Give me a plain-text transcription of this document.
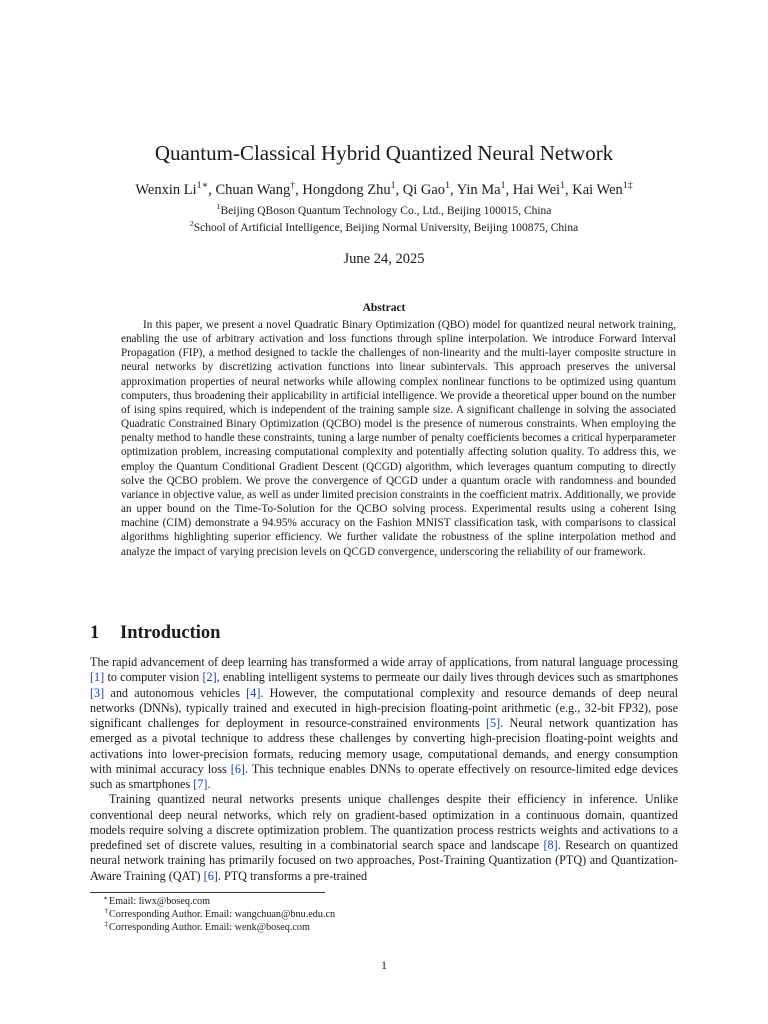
Quantum-Classical Hybrid Quantized Neural Network
Wenxin $Li^{1∗}$, Chuan Wang†, Hongdong Zhu$^1$, Qi Gao$^1$, Yin Ma$^1$, Hai Wei$^1$, Kai Wen$^{1\ddagger}$
$^1$Beijing QBoson Quantum Technology Co., Ltd., Beijing 100015, China
$^2$School of Artificial Intelligence, Beijing Normal University, Beijing 100875, China
June 24, 2025
Abstract

In this paper, we present a novel Quadratic Binary Optimization (QBO) model for quantized neural network training, enabling the use of arbitrary activation and loss functions through spline interpolation. We introduce Forward Interval Propagation (FIP), a method designed to tackle the challenges of non-linearity and the multi-layer composite structure in neural networks by discretizing activation functions into linear subintervals. This approach preserves the universal approximation properties of neural networks while allowing complex nonlinear functions to be optimized using quantum computers, thus broadening their applicability in artificial intelligence. We provide a theoretical upper bound on the number of ising spins required, which is independent of the training sample size. A significant challenge in solving the associated Quadratic Constrained Binary Optimization (QCBO) model is the presence of numerous constraints. When employing the penalty method to handle these constraints, tuning a large number of penalty coefficients becomes a critical hyperparameter optimization problem, increasing computational complexity and potentially affecting solution quality. To address this, we employ the Quantum Conditional Gradient Descent (QCGD) algorithm, which leverages quantum computing to directly solve the QCBO problem. We prove the convergence of QCGD under a quantum oracle with randomness and bounded variance in objective value, as well as under limited precision constraints in the coefficient matrix. Additionally, we provide an upper bound on the Time-To-Solution for the QCBO solving process. Experimental results using a coherent Ising machine (CIM) demonstrate a 94.95% accuracy on the Fashion MNIST classification task, with comparisons to classical algorithms highlighting superior efficiency. We further validate the robustness of the spline interpolation method and analyze the impact of varying precision levels on QCGD convergence, underscoring the reliability of our framework.

1 Introduction

The rapid advancement of deep learning has transformed a wide array of applications, from natural language processing [1] to computer vision [2], enabling intelligent systems to permeate our daily lives through devices such as smartphones [3] and autonomous vehicles [4]. However, the computational complexity and resource demands of deep neural networks (DNNs), typically trained and executed in high-precision floating-point arithmetic (e.g., 32-bit FP32), pose significant challenges for deployment in resource-constrained environments [5]. Neural network quantization has emerged as a pivotal technique to address these challenges by converting high-precision floating-point weights and activations into lower-precision formats, reducing memory usage, computational demands, and energy consumption with minimal accuracy loss [6]. This technique enables DNNs to operate effectively on resource-limited edge devices such as smartphones [7].

Training quantized neural networks presents unique challenges despite their efficiency in inference. Unlike conventional deep neural networks, which rely on gradient-based optimization in a continuous domain, quantized models require solving a discrete optimization problem. The quantization process restricts weights and activations to a predefined set of discrete values, resulting in a combinatorial search space and landscape [8]. Research on quantized neural network training has primarily focused on two approaches, Post-Training Quantization (PTQ) and Quantization-Aware Training (QAT) [6]. PTQ transforms a pre-trained

∗Email: liwx@boseq.com
†Corresponding Author. Email: wangchuan@bnu.edu.cn
‡Corresponding Author. Email: wenk@boseq.com
1
